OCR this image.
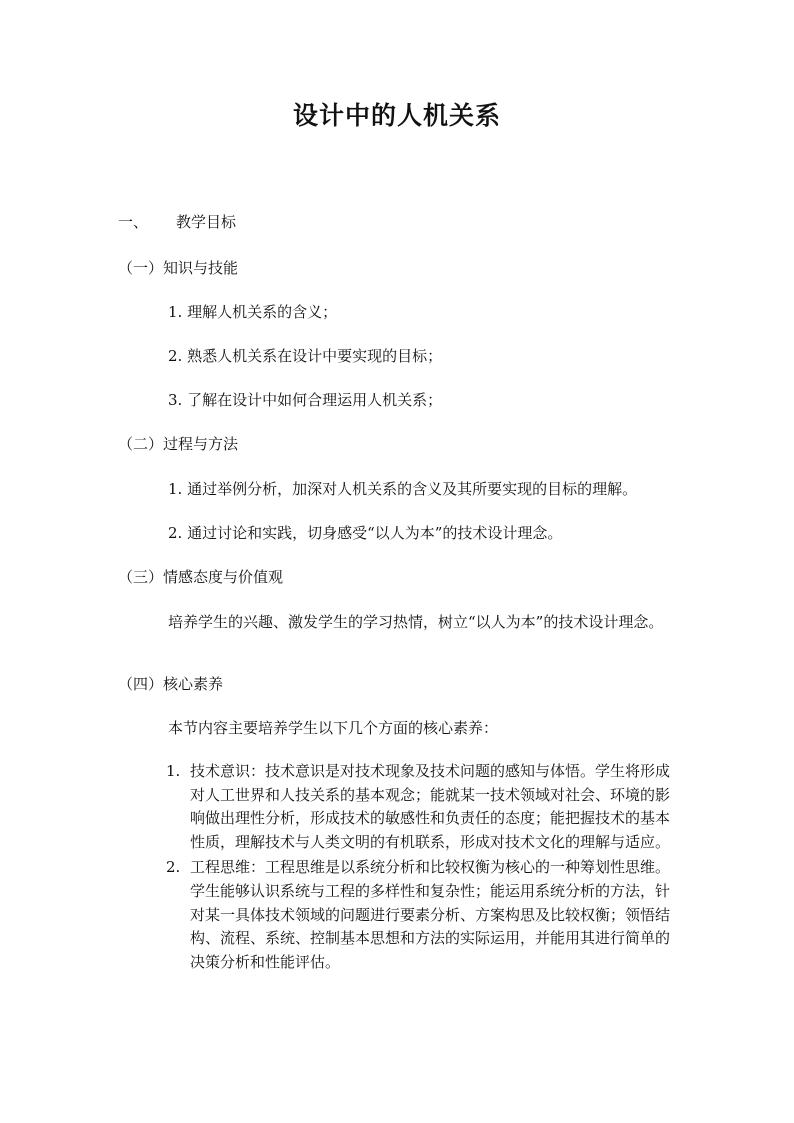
设计中的人机关系
一、 教学目标
（一）知识与技能
1. 理解人机关系的含义；
2. 熟悉人机关系在设计中要实现的目标；
3. 了解在设计中如何合理运用人机关系；
（二）过程与方法
1. 通过举例分析，加深对人机关系的含义及其所要实现的目标的理解。
2. 通过讨论和实践，切身感受“以人为本”的技术设计理念。
（三）情感态度与价值观
培养学生的兴趣、激发学生的学习热情，树立“以人为本”的技术设计理念。
（四）核心素养
本节内容主要培养学生以下几个方面的核心素养：
1. 技术意识：技术意识是对技术现象及技术问题的感知与体悟。学生将形成对人工世界和人技关系的基本观念；能就某一技术领域对社会、环境的影响做出理性分析，形成技术的敏感性和负责任的态度；能把握技术的基本性质，理解技术与人类文明的有机联系，形成对技术文化的理解与适应。
2. 工程思维：工程思维是以系统分析和比较权衡为核心的一种筹划性思维。学生能够认识系统与工程的多样性和复杂性；能运用系统分析的方法，针对某一具体技术领域的问题进行要素分析、方案构思及比较权衡；领悟结构、流程、系统、控制基本思想和方法的实际运用，并能用其进行简单的决策分析和性能评估。
